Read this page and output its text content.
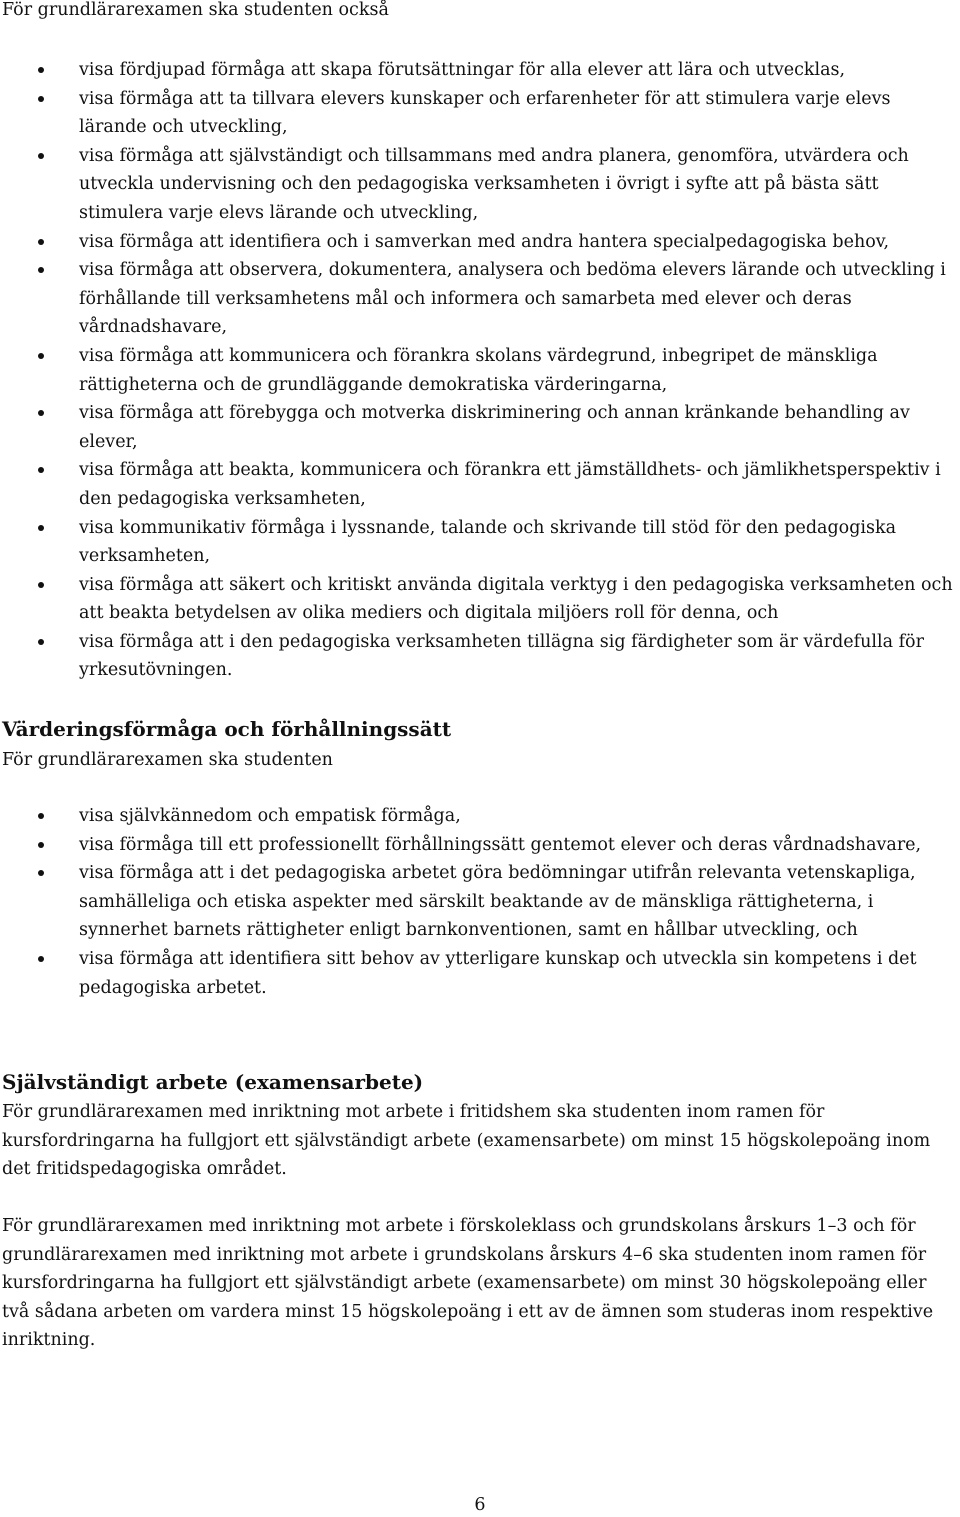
För grundlärarexamen ska studenten också

visa fördjupad förmåga att skapa förutsättningar för alla elever att lära och utvecklas,
visa förmåga att ta tillvara elevers kunskaper och erfarenheter för att stimulera varje elevs lärande och utveckling,
visa förmåga att självständigt och tillsammans med andra planera, genomföra, utvärdera och utveckla undervisning och den pedagogiska verksamheten i övrigt i syfte att på bästa sätt stimulera varje elevs lärande och utveckling,
visa förmåga att identifiera och i samverkan med andra hantera specialpedagogiska behov,
visa förmåga att observera, dokumentera, analysera och bedöma elevers lärande och utveckling i förhållande till verksamhetens mål och informera och samarbeta med elever och deras vårdnadshavare,
visa förmåga att kommunicera och förankra skolans värdegrund, inbegripet de mänskliga rättigheterna och de grundläggande demokratiska värderingarna,
visa förmåga att förebygga och motverka diskriminering och annan kränkande behandling av elever,
visa förmåga att beakta, kommunicera och förankra ett jämställdhets- och jämlikhetsperspektiv i den pedagogiska verksamheten,
visa kommunikativ förmåga i lyssnande, talande och skrivande till stöd för den pedagogiska verksamheten,
visa förmåga att säkert och kritiskt använda digitala verktyg i den pedagogiska verksamheten och att beakta betydelsen av olika mediers och digitala miljöers roll för denna, och
visa förmåga att i den pedagogiska verksamheten tillägna sig färdigheter som är värdefulla för yrkesutövningen.
Värderingsförmåga och förhållningssätt

För grundlärarexamen ska studenten

visa självkännedom och empatisk förmåga,
visa förmåga till ett professionellt förhållningssätt gentemot elever och deras vårdnadshavare,
visa förmåga att i det pedagogiska arbetet göra bedömningar utifrån relevanta vetenskapliga, samhälleliga och etiska aspekter med särskilt beaktande av de mänskliga rättigheterna, i synnerhet barnets rättigheter enligt barnkonventionen, samt en hållbar utveckling, och
visa förmåga att identifiera sitt behov av ytterligare kunskap och utveckla sin kompetens i det pedagogiska arbetet.
Självständigt arbete (examensarbete)

För grundlärarexamen med inriktning mot arbete i fritidshem ska studenten inom ramen för kursfordringarna ha fullgjort ett självständigt arbete (examensarbete) om minst 15 högskolepoäng inom det fritidspedagogiska området.

För grundlärarexamen med inriktning mot arbete i förskoleklass och grundskolans årskurs 1–3 och för grundlärarexamen med inriktning mot arbete i grundskolans årskurs 4–6 ska studenten inom ramen för kursfordringarna ha fullgjort ett självständigt arbete (examensarbete) om minst 30 högskolepoäng eller två sådana arbeten om vardera minst 15 högskolepoäng i ett av de ämnen som studeras inom respektive inriktning.

6
